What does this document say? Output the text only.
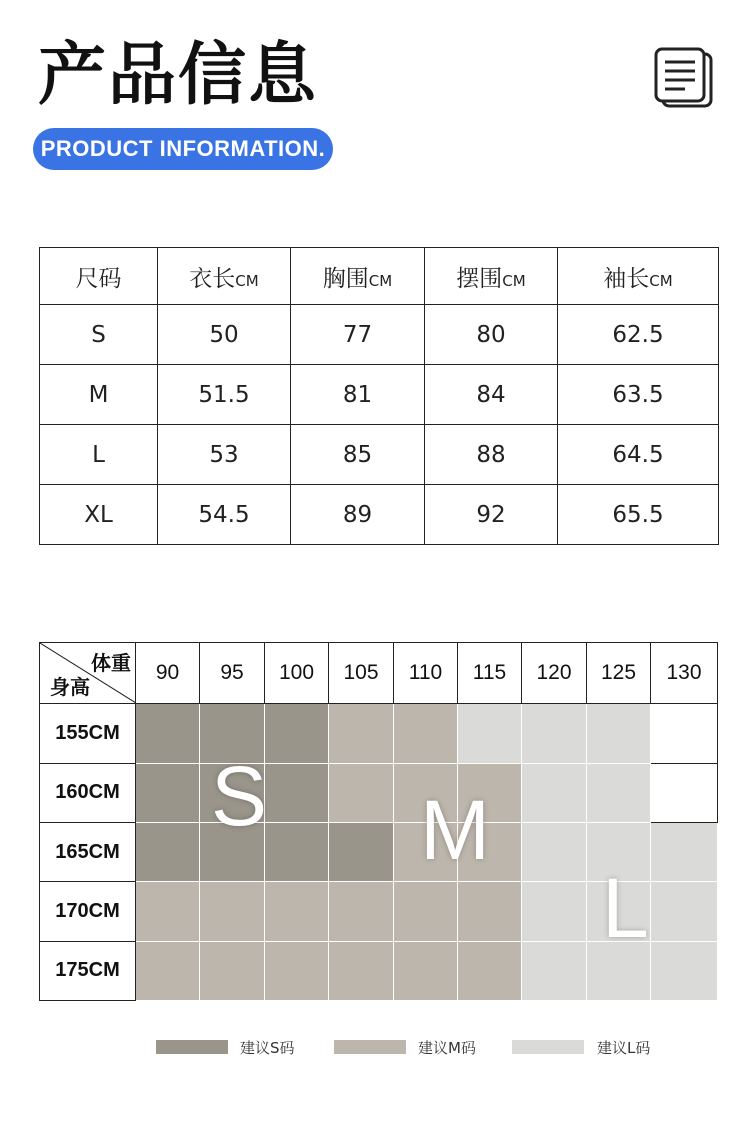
产品信息
PRODUCT INFORMATION.
尺码	衣长CM	胸围CM	摆围CM	袖长CM
S	50	77	80	62.5
M	51.5	81	84	63.5
L	53	85	88	64.5
XL	54.5	89	92	65.5
体重
身高	90	95	100	105	110	115	120	125	130
155CM									
160CM									
165CM									
170CM									
175CM									
S M
L
建议S码	建议M码	建议L码
